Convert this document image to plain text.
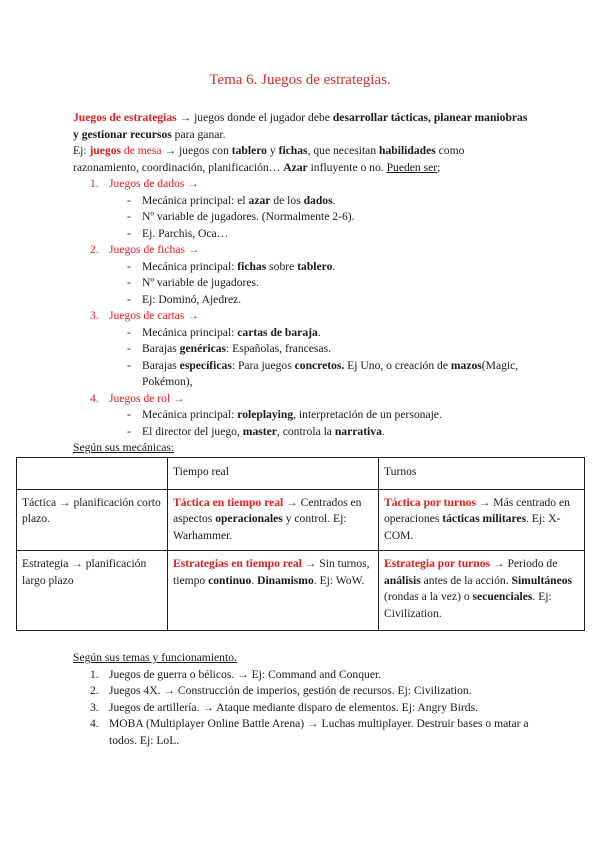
Tema 6. Juegos de estrategias.

Juegos de estrategias → juegos donde el jugador debe desarrollar tácticas, planear maniobras y gestionar recursos para ganar.

Ej: juegos de mesa → juegos con tablero y fichas, que necesitan habilidades como razonamiento, coordinación, planificación… Azar influyente o no. Pueden ser;

1. Juegos de dados →
- Mecánica principal: el azar de los dados.
- Nº variable de jugadores. (Normalmente 2-6).
- Ej. Parchis, Oca…
2. Juegos de fichas →
- Mecánica principal: fichas sobre tablero.
- Nº variable de jugadores.
- Ej: Dominó, Ajedrez.
3. Juegos de cartas →
- Mecánica principal: cartas de baraja.
- Barajas genéricas: Españolas, francesas.
- Barajas específicas: Para juegos concretos. Ej Uno, o creación de mazos(Magic, Pokémon),
4. Juegos de rol →
- Mecánica principal: roleplaying, interpretación de un personaje.
- El director del juego, master, controla la narrativa.

Según sus mecánicas:

	Tiempo real	Turnos
Táctica → planificación corto plazo.	Táctica en tiempo real → Centrados en aspectos operacionales y control. Ej: Warhammer.	Táctica por turnos → Más centrado en operaciones tácticas militares. Ej: X-COM.
Estrategia → planificación largo plazo	Estrategias en tiempo real → Sin turnos, tiempo continuo. Dinamismo. Ej: WoW.	Estrategia por turnos → Periodo de análisis antes de la acción. Simultáneos (rondas a la vez) o secuenciales. Ej: Civilization.

Según sus temas y funcionamiento.

1. Juegos de guerra o bélicos. → Ej: Command and Conquer.
2. Juegos 4X. → Construcción de imperios, gestión de recursos. Ej: Civilization.
3. Juegos de artillería. → Ataque mediante disparo de elementos. Ej: Angry Birds.
4. MOBA (Multiplayer Online Battle Arena) → Luchas multiplayer. Destruir bases o matar a todos. Ej: LoL.
